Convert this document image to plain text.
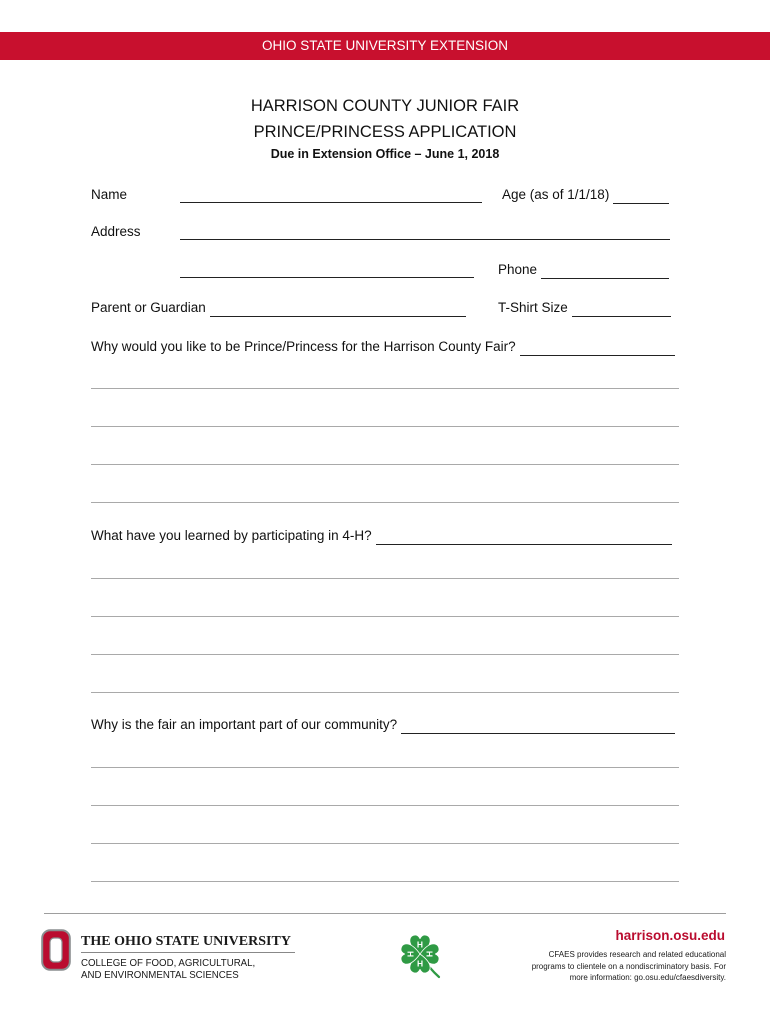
OHIO STATE UNIVERSITY EXTENSION
HARRISON COUNTY JUNIOR FAIR
PRINCE/PRINCESS APPLICATION
Due in Extension Office – June 1, 2018
Name	Age (as of 1/1/18)
Address
Phone
Parent or Guardian	T-Shirt Size
Why would you like to be Prince/Princess for the Harrison County Fair?
What have you learned by participating in 4-H?
Why is the fair an important part of our community?
THE OHIO STATE UNIVERSITY
COLLEGE OF FOOD, AGRICULTURAL,
AND ENVIRONMENTAL SCIENCES
H
H
H
H
harrison.osu.edu
CFAES provides research and related educational
programs to clientele on a nondiscriminatory basis. For
more information: go.osu.edu/cfaesdiversity.
